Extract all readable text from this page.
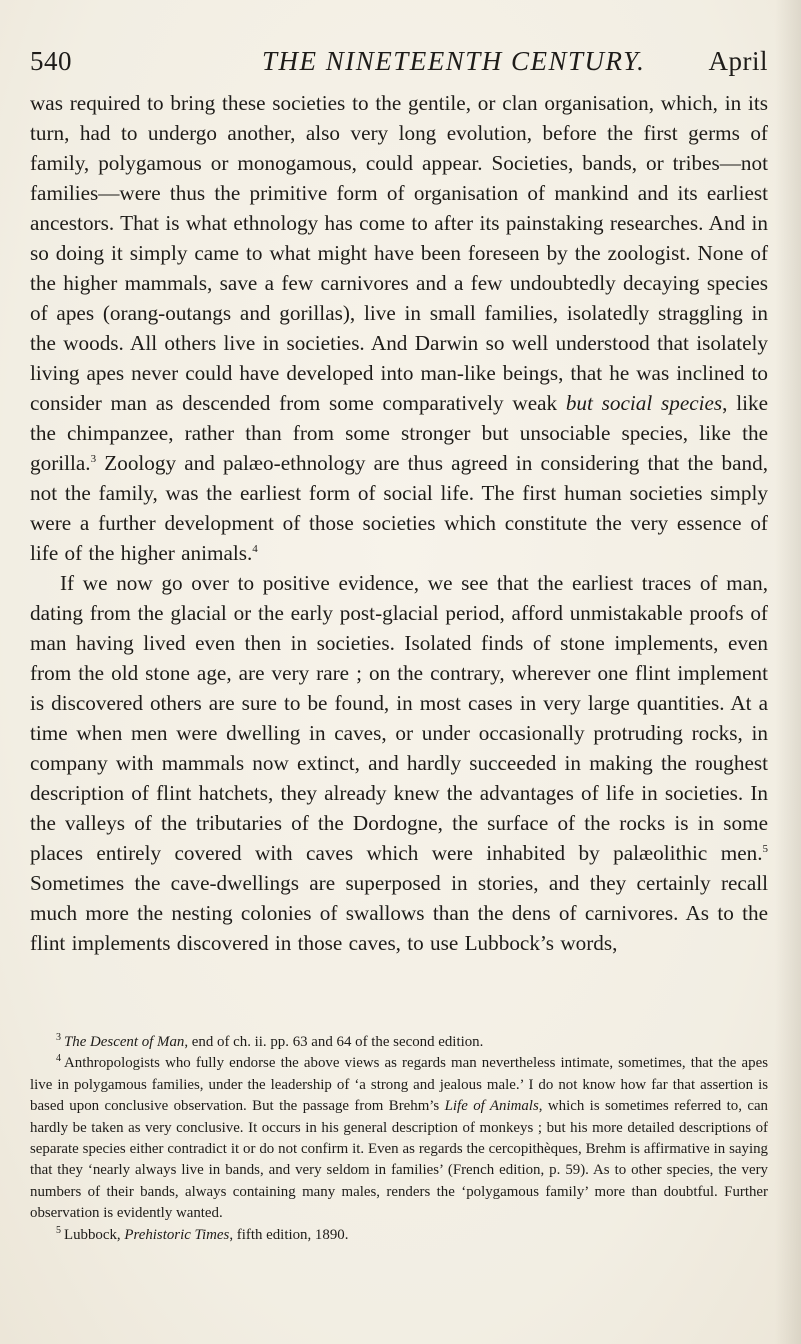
540	THE NINETEENTH CENTURY. April

was required to bring these societies to the gentile, or clan organisation, which, in its turn, had to undergo another, also very long evolution, before the first germs of family, polygamous or monogamous, could appear. Societies, bands, or tribes—not families—were thus the primitive form of organisation of mankind and its earliest ancestors. That is what ethnology has come to after its painstaking researches. And in so doing it simply came to what might have been foreseen by the zoologist. None of the higher mammals, save a few carnivores and a few undoubtedly decaying species of apes (orang-outangs and gorillas), live in small families, isolatedly straggling in the woods. All others live in societies. And Darwin so well understood that isolately living apes never could have developed into man-like beings, that he was inclined to consider man as descended from some comparatively weak but social species, like the chimpanzee, rather than from some stronger but unsociable species, like the gorilla.$^3$ Zoology and palæo-ethnology are thus agreed in considering that the band, not the family, was the earliest form of social life. The first human societies simply were a further development of those societies which constitute the very essence of life of the higher animals.$^4$

If we now go over to positive evidence, we see that the earliest traces of man, dating from the glacial or the early post-glacial period, afford unmistakable proofs of man having lived even then in societies. Isolated finds of stone implements, even from the old stone age, are very rare ; on the contrary, wherever one flint implement is discovered others are sure to be found, in most cases in very large quantities. At a time when men were dwelling in caves, or under occasionally protruding rocks, in company with mammals now extinct, and hardly succeeded in making the roughest description of flint hatchets, they already knew the advantages of life in societies. In the valleys of the tributaries of the Dordogne, the surface of the rocks is in some places entirely covered with caves which were inhabited by palæolithic men.$^5$ Sometimes the cave-dwellings are superposed in stories, and they certainly recall much more the nesting colonies of swallows than the dens of carnivores. As to the flint implements discovered in those caves, to use Lubbock’s words,

$^3$ The Descent of Man, end of ch. ii. pp. 63 and 64 of the second edition.

$^4$ Anthropologists who fully endorse the above views as regards man nevertheless intimate, sometimes, that the apes live in polygamous families, under the leadership of ‘a strong and jealous male.’ I do not know how far that assertion is based upon conclusive observation. But the passage from Brehm’s Life of Animals, which is sometimes referred to, can hardly be taken as very conclusive. It occurs in his general description of monkeys ; but his more detailed descriptions of separate species either contradict it or do not confirm it. Even as regards the cercopithèques, Brehm is affirmative in saying that they ‘nearly always live in bands, and very seldom in families’ (French edition, p. 59). As to other species, the very numbers of their bands, always containing many males, renders the ‘polygamous family’ more than doubtful. Further observation is evidently wanted.

$^5$ Lubbock, Prehistoric Times, fifth edition, 1890.
